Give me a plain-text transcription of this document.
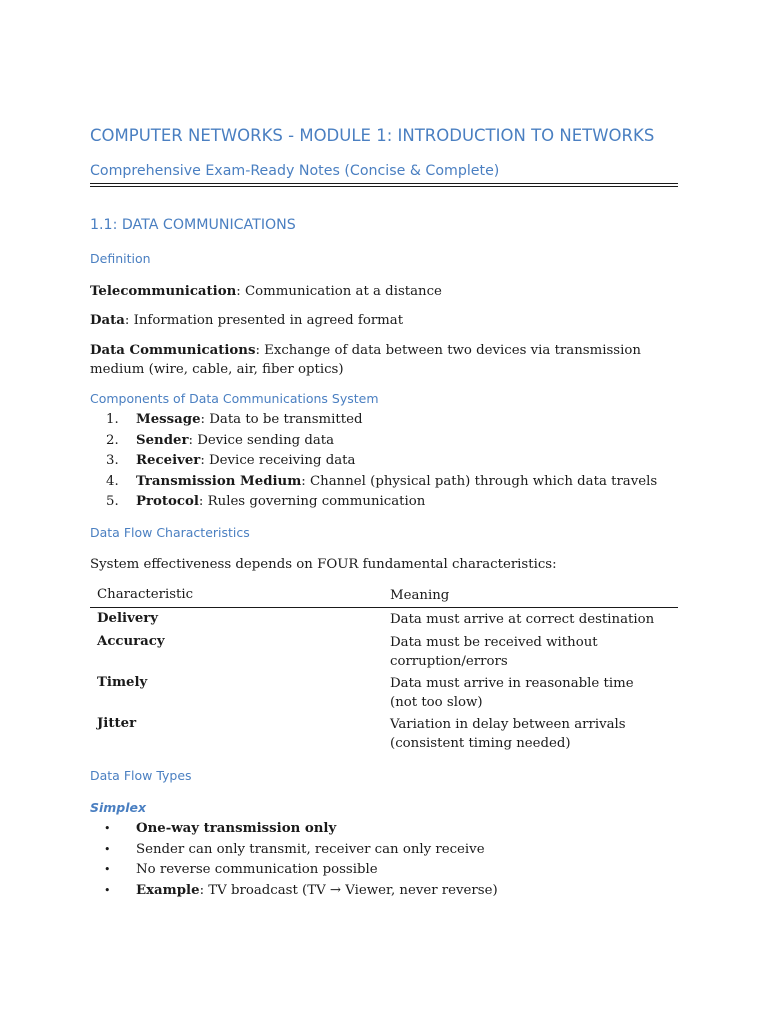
COMPUTER NETWORKS - MODULE 1: INTRODUCTION TO NETWORKS
Comprehensive Exam-Ready Notes (Concise & Complete)
1.1: DATA COMMUNICATIONS
Definition
Telecommunication: Communication at a distance
Data: Information presented in agreed format
Data Communications: Exchange of data between two devices via transmission medium (wire, cable, air, fiber optics)
Components of Data Communications System
1. Message: Data to be transmitted
2. Sender: Device sending data
3. Receiver: Device receiving data
4. Transmission Medium: Channel (physical path) through which data travels
5. Protocol: Rules governing communication
Data Flow Characteristics
System effectiveness depends on FOUR fundamental characteristics:
Characteristic	Meaning
Delivery	Data must arrive at correct destination
Accuracy	Data must be received without corruption/errors
Timely	Data must arrive in reasonable time (not too slow)
Jitter	Variation in delay between arrivals (consistent timing needed)
Data Flow Types
Simplex
• One-way transmission only
• Sender can only transmit, receiver can only receive
• No reverse communication possible
• Example: TV broadcast (TV → Viewer, never reverse)
